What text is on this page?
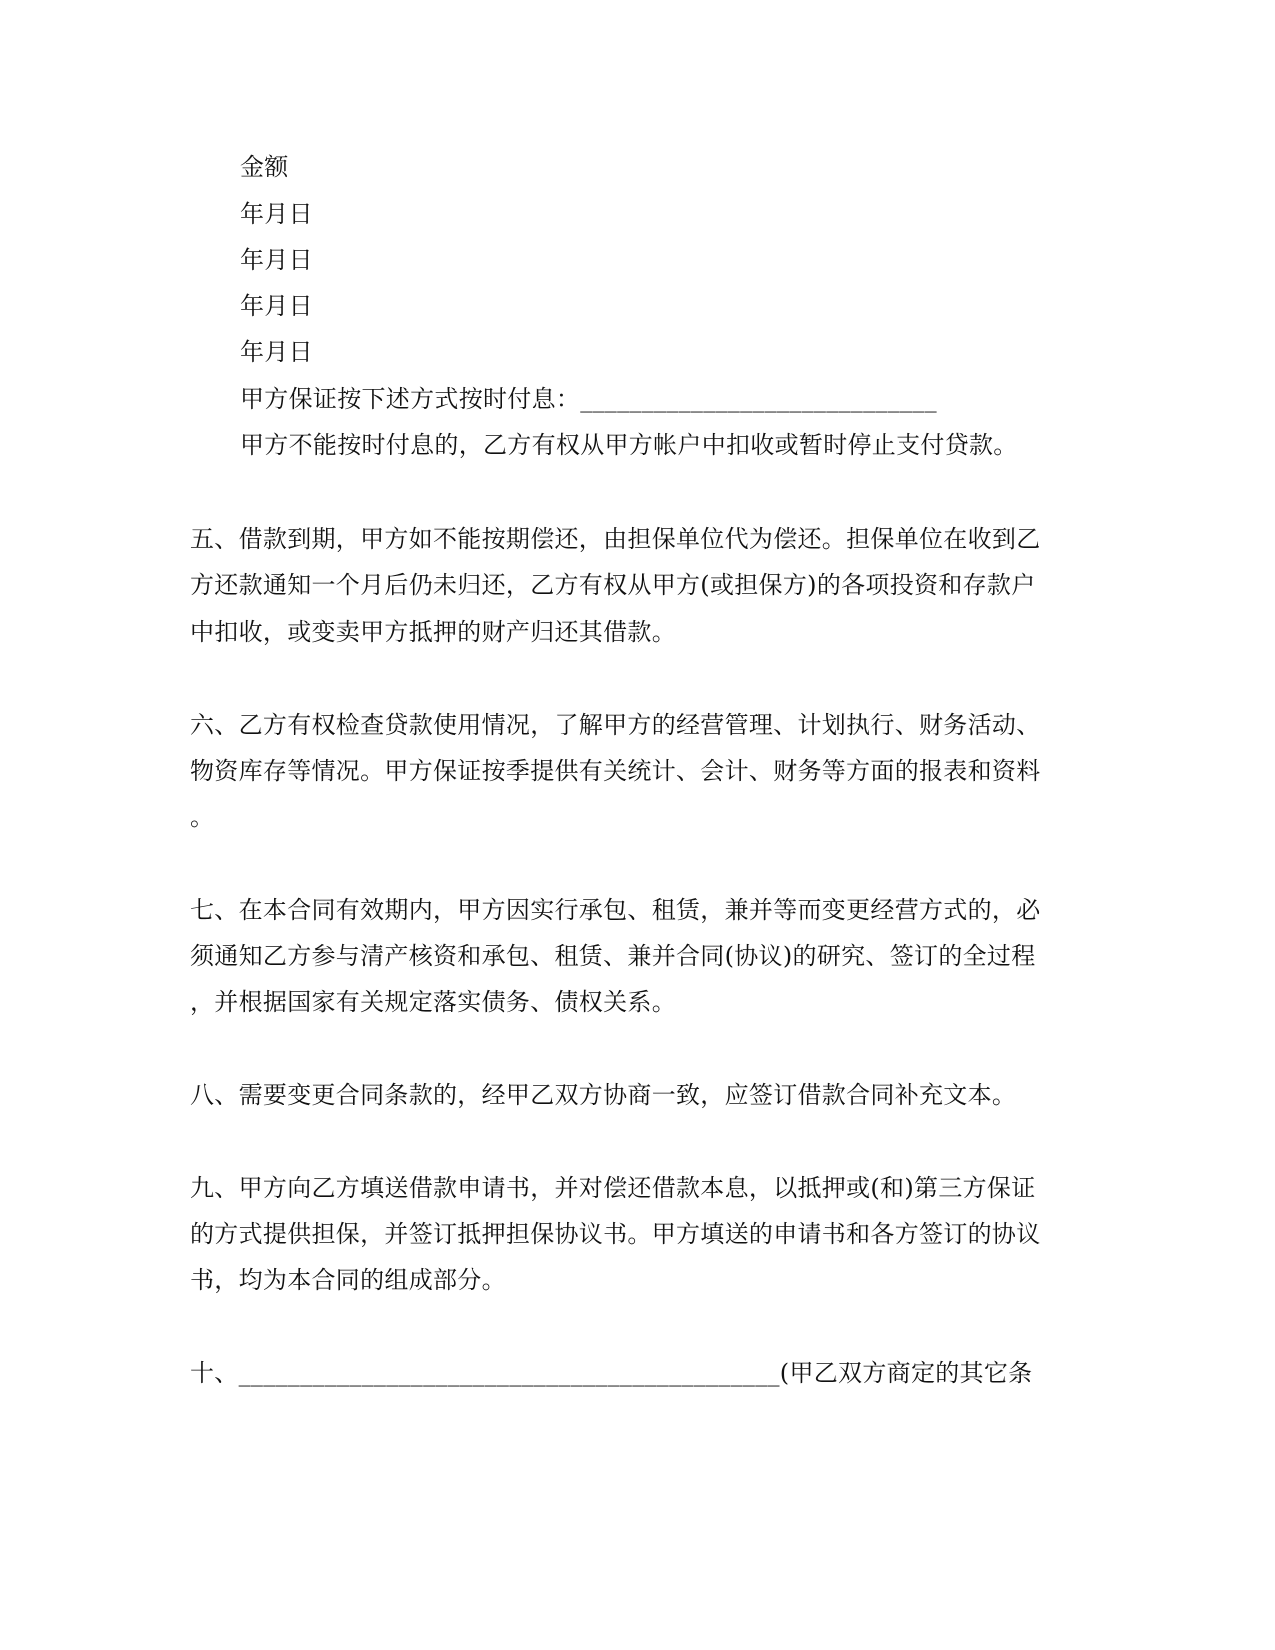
金额
年月日
年月日
年月日
年月日
甲方保证按下述方式按时付息：_____________________________
甲方不能按时付息的，乙方有权从甲方帐户中扣收或暂时停止支付贷款。
五、借款到期，甲方如不能按期偿还，由担保单位代为偿还。担保单位在收到乙
方还款通知一个月后仍未归还，乙方有权从甲方(或担保方)的各项投资和存款户
中扣收，或变卖甲方抵押的财产归还其借款。
六、乙方有权检查贷款使用情况，了解甲方的经营管理、计划执行、财务活动、
物资库存等情况。甲方保证按季提供有关统计、会计、财务等方面的报表和资料
。
七、在本合同有效期内，甲方因实行承包、租赁，兼并等而变更经营方式的，必
须通知乙方参与清产核资和承包、租赁、兼并合同(协议)的研究、签订的全过程
，并根据国家有关规定落实债务、债权关系。
八、需要变更合同条款的，经甲乙双方协商一致，应签订借款合同补充文本。
九、甲方向乙方填送借款申请书，并对偿还借款本息，以抵押或(和)第三方保证
的方式提供担保，并签订抵押担保协议书。甲方填送的申请书和各方签订的协议
书，均为本合同的组成部分。
十、____________________________________________(甲乙双方商定的其它条
